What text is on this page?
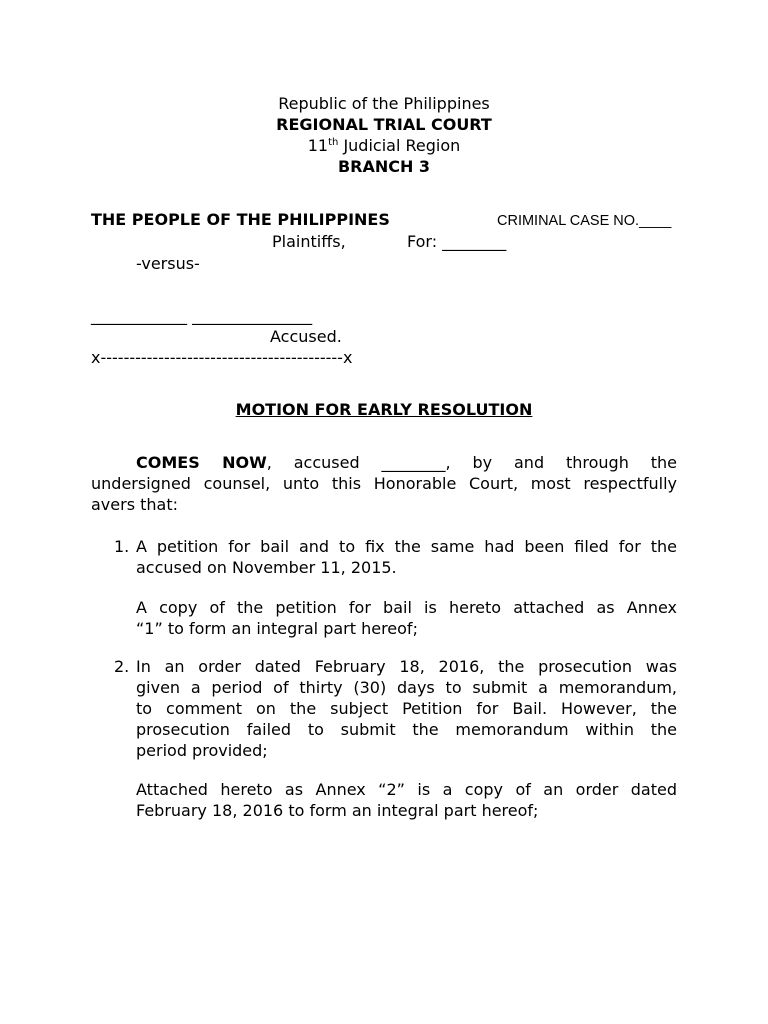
Republic of the Philippines
REGIONAL TRIAL COURT
11th Judicial Region
BRANCH 3
THE PEOPLE OF THE PHILIPPINES	CRIMINAL CASE NO.____
Plaintiffs,	For: ________
-versus-
____________ _______________
Accused.
x------------------------------------------x
MOTION FOR EARLY RESOLUTION
COMES NOW, accused ________, by and through the
undersigned counsel, unto this Honorable Court, most respectfully
avers that:
1. A petition for bail and to fix the same had been filed for the
accused on November 11, 2015.
A copy of the petition for bail is hereto attached as Annex
“1” to form an integral part hereof;
2. In an order dated February 18, 2016, the prosecution was
given a period of thirty (30) days to submit a memorandum,
to comment on the subject Petition for Bail. However, the
prosecution failed to submit the memorandum within the
period provided;
Attached hereto as Annex “2” is a copy of an order dated
February 18, 2016 to form an integral part hereof;
